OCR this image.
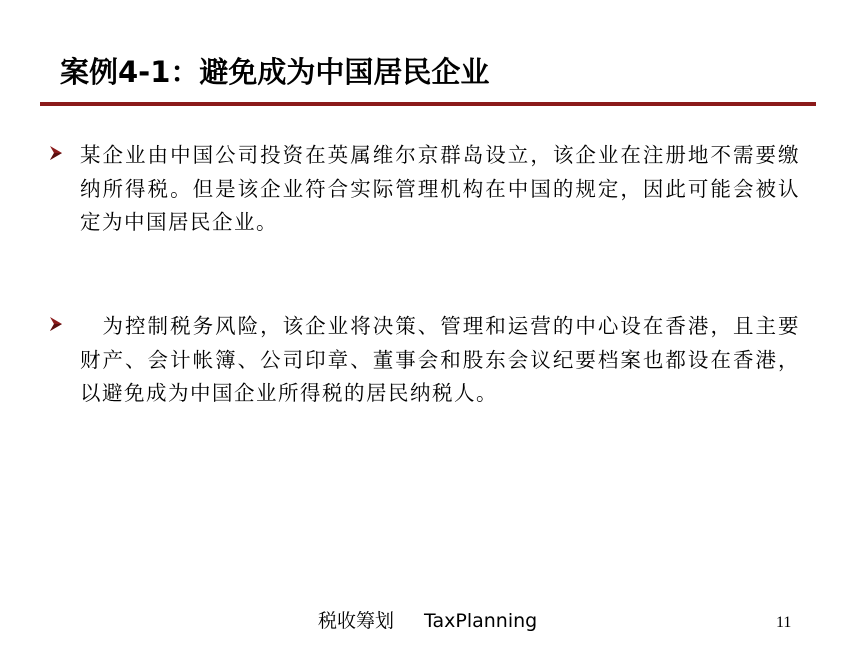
案例4-1：避免成为中国居民企业
某企业由中国公司投资在英属维尔京群岛设立，该企业在注册地不需要缴纳所得税。但是该企业符合实际管理机构在中国的规定，因此可能会被认定为中国居民企业。
　为控制税务风险，该企业将决策、管理和运营的中心设在香港，且主要财产、会计帐簿、公司印章、董事会和股东会议纪要档案也都设在香港，以避免成为中国企业所得税的居民纳税人。
税收筹划 TaxPlanning	11
